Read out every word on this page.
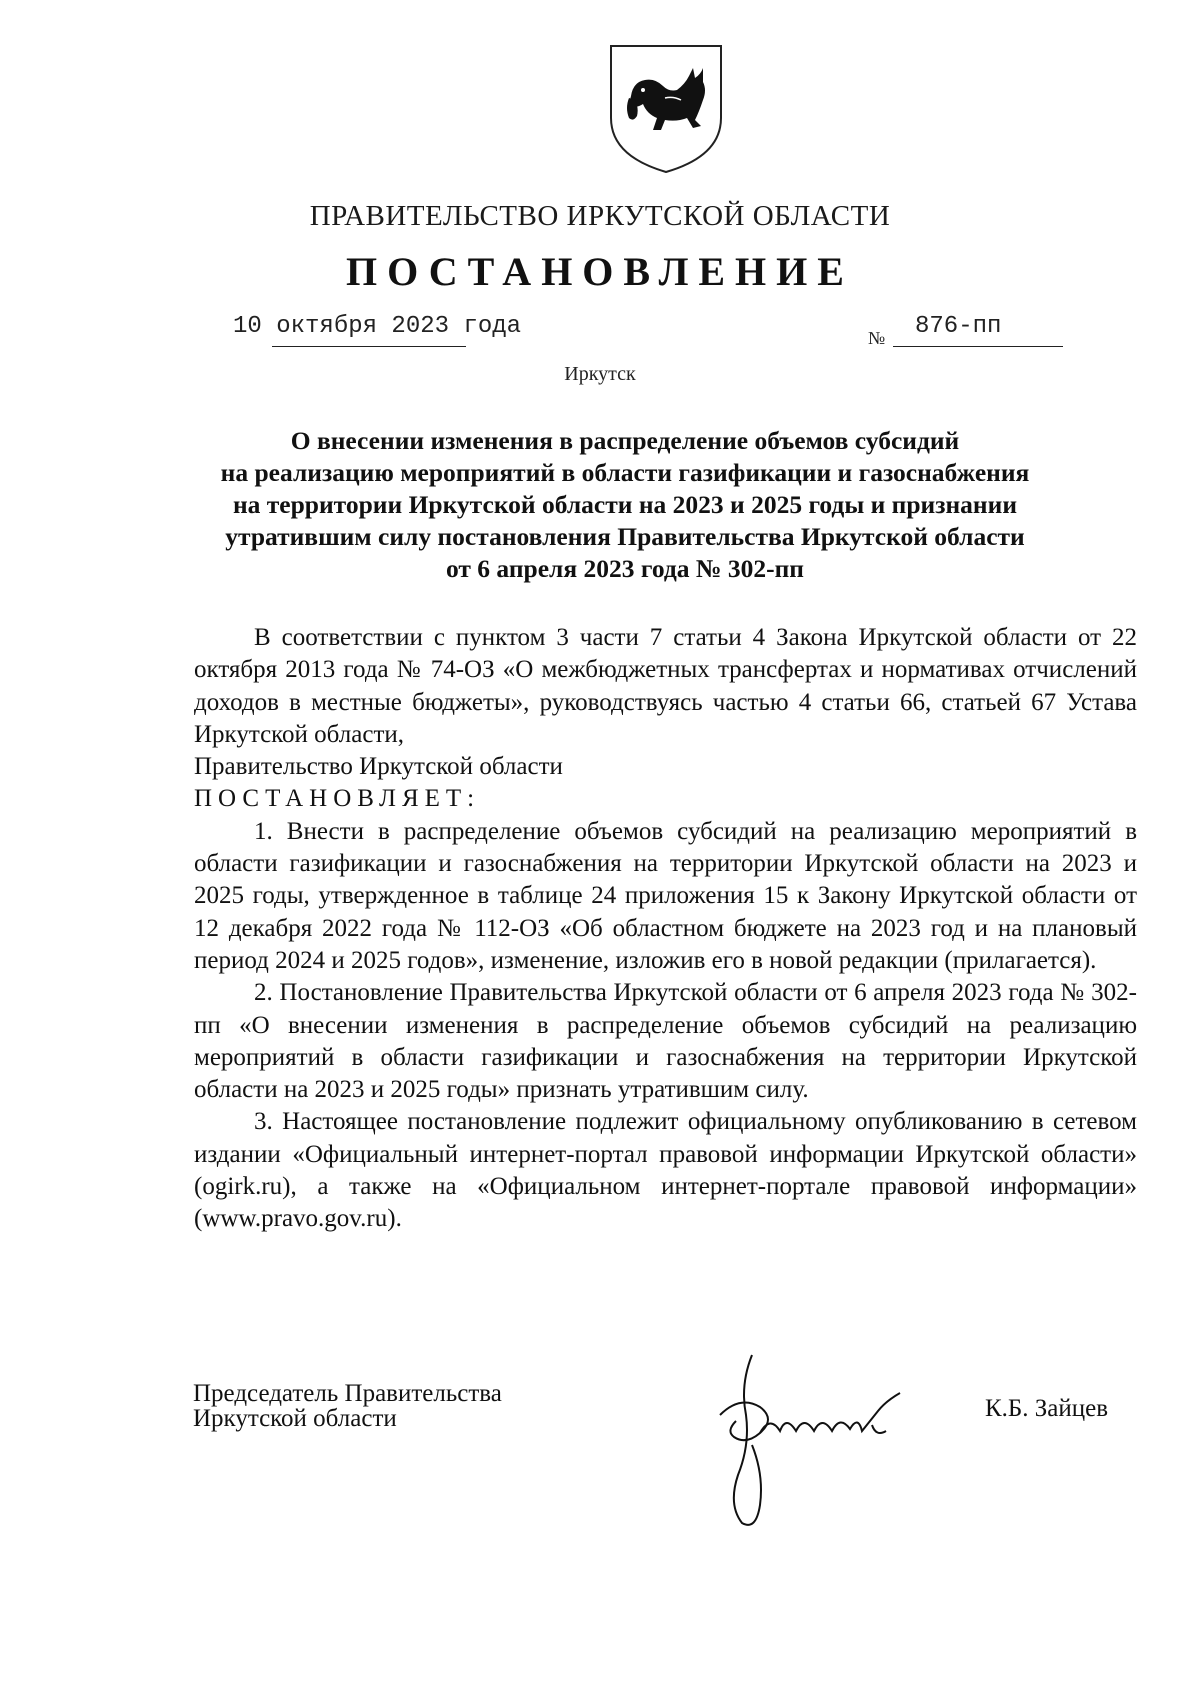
ПРАВИТЕЛЬСТВО ИРКУТСКОЙ ОБЛАСТИ
ПОСТАНОВЛЕНИЕ
10 октября 2023 года	№ 876-пп
Иркутск
О внесении изменения в распределение объемов субсидий
на реализацию мероприятий в области газификации и газоснабжения
на территории Иркутской области на 2023 и 2025 годы и признании
утратившим силу постановления Правительства Иркутской области
от 6 апреля 2023 года № 302-пп

В соответствии с пунктом 3 части 7 статьи 4 Закона Иркутской области от 22 октября 2013 года № 74-ОЗ «О межбюджетных трансфертах и нормативах отчислений доходов в местные бюджеты», руководствуясь частью 4 статьи 66, статьей 67 Устава Иркутской области,

Правительство Иркутской области

ПОСТАНОВЛЯЕТ:

1. Внести в распределение объемов субсидий на реализацию мероприятий в области газификации и газоснабжения на территории Иркутской области на 2023 и 2025 годы, утвержденное в таблице 24 приложения 15 к Закону Иркутской области от 12 декабря 2022 года № 112-ОЗ «Об областном бюджете на 2023 год и на плановый период 2024 и 2025 годов», изменение, изложив его в новой редакции (прилагается).

2. Постановление Правительства Иркутской области от 6 апреля 2023 года № 302-пп «О внесении изменения в распределение объемов субсидий на реализацию мероприятий в области газификации и газоснабжения на территории Иркутской области на 2023 и 2025 годы» признать утратившим силу.

3. Настоящее постановление подлежит официальному опубликованию в сетевом издании «Официальный интернет-портал правовой информации Иркутской области» (ogirk.ru), а также на «Официальном интернет-портале правовой информации» (www.pravo.gov.ru).

Председатель Правительства
Иркутской области	К.Б. Зайцев
